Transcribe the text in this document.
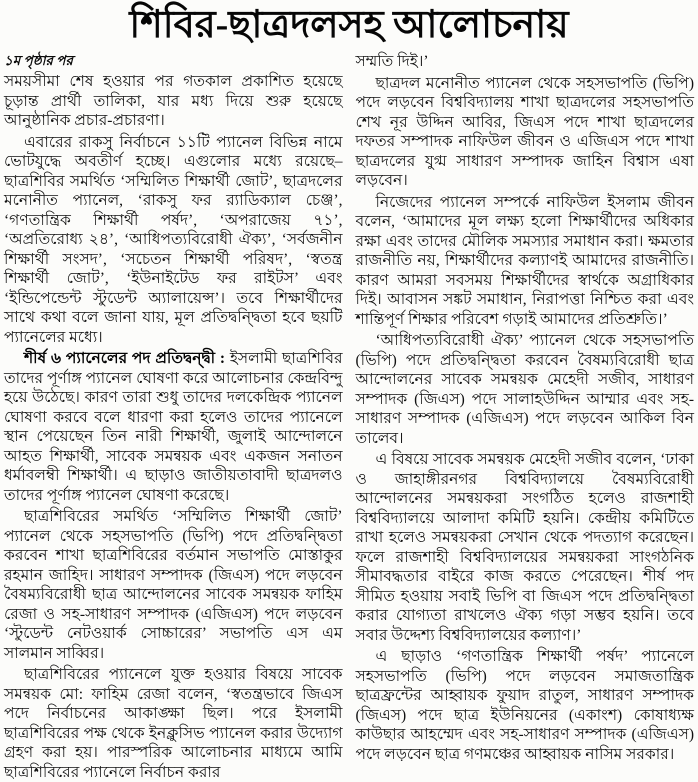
শিবির-ছাত্রদলসহ আলোচনায়

১ম পৃষ্ঠার পর

সময়সীমা শেষ হওয়ার পর গতকাল প্রকাশিত হয়েছে চূড়ান্ত প্রার্থী তালিকা, যার মধ্য দিয়ে শুরু হয়েছে আনুষ্ঠানিক প্রচার-প্রচারণা।

এবারের রাকসু নির্বাচনে ১১টি প্যানেল বিভিন্ন নামে ভোটযুদ্ধে অবতীর্ণ হচ্ছে। এগুলোর মধ্যে রয়েছে– ছাত্রশিবির সমর্থিত ‘সম্মিলিত শিক্ষার্থী জোট’, ছাত্রদলের মনোনীত প্যানেল, ‘রাকসু ফর র‍্যাডিক্যাল চেঞ্জ’, ‘গণতান্ত্রিক শিক্ষার্থী পর্ষদ’, ‘অপরাজেয় ৭১’, ‘অপ্রতিরোধ্য ২৪’, ‘আধিপত্যবিরোধী ঐক্য’, ‘সর্বজনীন শিক্ষার্থী সংসদ’, ‘সচেতন শিক্ষার্থী পরিষদ’, ‘স্বতন্ত্র শিক্ষার্থী জোট’, ‘ইউনাইটেড ফর রাইটস’ এবং ‘ইন্ডিপেন্ডেন্ট স্টুডেন্ট অ্যালায়েন্স’। তবে শিক্ষার্থীদের সাথে কথা বলে জানা যায়, মূল প্রতিদ্বন্দ্বিতা হবে ছয়টি প্যানেলের মধ্যে।

শীর্ষ ৬ প্যানেলের পদ প্রতিদ্বন্দ্বী : ইসলামী ছাত্রশিবির তাদের পূর্ণাঙ্গ প্যানেল ঘোষণা করে আলোচনার কেন্দ্রবিন্দু হয়ে উঠেছে। কারণ তারা শুধু তাদের দলকেন্দ্রিক প্যানেল ঘোষণা করবে বলে ধারণা করা হলেও তাদের প্যানেলে স্থান পেয়েছেন তিন নারী শিক্ষার্থী, জুলাই আন্দোলনে আহত শিক্ষার্থী, সাবেক সমন্বয়ক এবং একজন সনাতন ধর্মাবলম্বী শিক্ষার্থী। এ ছাড়াও জাতীয়তাবাদী ছাত্রদলও তাদের পূর্ণাঙ্গ প্যানেল ঘোষণা করেছে।

ছাত্রশিবিরের সমর্থিত ‘সম্মিলিত শিক্ষার্থী জোট’ প্যানেল থেকে সহসভাপতি (ভিপি) পদে প্রতিদ্বন্দ্বিতা করবেন শাখা ছাত্রশিবিরের বর্তমান সভাপতি মোস্তাকুর রহমান জাহিদ। সাধারণ সম্পাদক (জিএস) পদে লড়বেন বৈষম্যবিরোধী ছাত্র আন্দোলনের সাবেক সমন্বয়ক ফাহিম রেজা ও সহ-সাধারণ সম্পাদক (এজিএস) পদে লড়বেন ‘স্টুডেন্ট নেটওয়ার্ক সোচ্চারের’ সভাপতি এস এম সালমান সাব্বির।

ছাত্রশিবিরের প্যানেলে যুক্ত হওয়ার বিষয়ে সাবেক সমন্বয়ক মো: ফাহিম রেজা বলেন, ‘স্বতন্ত্রভাবে জিএস পদে নির্বাচনের আকাঙ্ক্ষা ছিল। পরে ইসলামী ছাত্রশিবিরের পক্ষ থেকে ইনক্লুসিভ প্যানেল করার উদ্যোগ গ্রহণ করা হয়। পারস্পরিক আলোচনার মাধ্যমে আমি ছাত্রশিবিরের প্যানেলে নির্বাচন করার

সম্মতি দিই।’

ছাত্রদল মনোনীত প্যানেল থেকে সহসভাপতি (ভিপি) পদে লড়বেন বিশ্ববিদ্যালয় শাখা ছাত্রদলের সহসভাপতি শেখ নূর উদ্দিন আবির, জিএস পদে শাখা ছাত্রদলের দফতর সম্পাদক নাফিউল জীবন ও এজিএস পদে শাখা ছাত্রদলের যুগ্ম সাধারণ সম্পাদক জাহিন বিশ্বাস এষা লড়বেন।

নিজেদের প্যানেল সম্পর্কে নাফিউল ইসলাম জীবন বলেন, ‘আমাদের মূল লক্ষ্য হলো শিক্ষার্থীদের অধিকার রক্ষা এবং তাদের মৌলিক সমস্যার সমাধান করা। ক্ষমতার রাজনীতি নয়, শিক্ষার্থীদের কল্যাণই আমাদের রাজনীতি। কারণ আমরা সবসময় শিক্ষার্থীদের স্বার্থকে অগ্রাধিকার দিই। আবাসন সঙ্কট সমাধান, নিরাপত্তা নিশ্চিত করা এবং শান্তিপূর্ণ শিক্ষার পরিবেশ গড়াই আমাদের প্রতিশ্রুতি।’

‘আধিপত্যবিরোধী ঐক্য’ প্যানেল থেকে সহসভাপতি (ভিপি) পদে প্রতিদ্বন্দ্বিতা করবেন বৈষম্যবিরোধী ছাত্র আন্দোলনের সাবেক সমন্বয়ক মেহেদী সজীব, সাধারণ সম্পাদক (জিএস) পদে সালাহউদ্দিন আম্মার এবং সহ-সাধারণ সম্পাদক (এজিএস) পদে লড়বেন আকিল বিন তালেব।

এ বিষয়ে সাবেক সমন্বয়ক মেহেদী সজীব বলেন, ‘ঢাকা ও জাহাঙ্গীরনগর বিশ্ববিদ্যালয়ে বৈষম্যবিরোধী আন্দোলনের সমন্বয়করা সংগঠিত হলেও রাজশাহী বিশ্ববিদ্যালয়ে আলাদা কমিটি হয়নি। কেন্দ্রীয় কমিটিতে রাখা হলেও সমন্বয়করা সেখান থেকে পদত্যাগ করেছেন। ফলে রাজশাহী বিশ্ববিদ্যালয়ের সমন্বয়করা সাংগঠনিক সীমাবদ্ধতার বাইরে কাজ করতে পেরেছেন। শীর্ষ পদ সীমিত হওয়ায় সবাই ভিপি বা জিএস পদে প্রতিদ্বন্দ্বিতা করার যোগ্যতা রাখলেও ঐক্য গড়া সম্ভব হয়নি। তবে সবার উদ্দেশ্য বিশ্ববিদ্যালয়ের কল্যাণ।’

এ ছাড়াও ‘গণতান্ত্রিক শিক্ষার্থী পর্ষদ’ প্যানেলে সহসভাপতি (ভিপি) পদে লড়বেন সমাজতান্ত্রিক ছাত্রফ্রন্টের আহ্বায়ক ফুয়াদ রাতুল, সাধারণ সম্পাদক (জিএস) পদে ছাত্র ইউনিয়নের (একাংশ) কোষাধ্যক্ষ কাউছার আহম্মেদ এবং সহ-সাধারণ সম্পাদক (এজিএস) পদে লড়বেন ছাত্র গণমঞ্চের আহ্বায়ক নাসিম সরকার।
